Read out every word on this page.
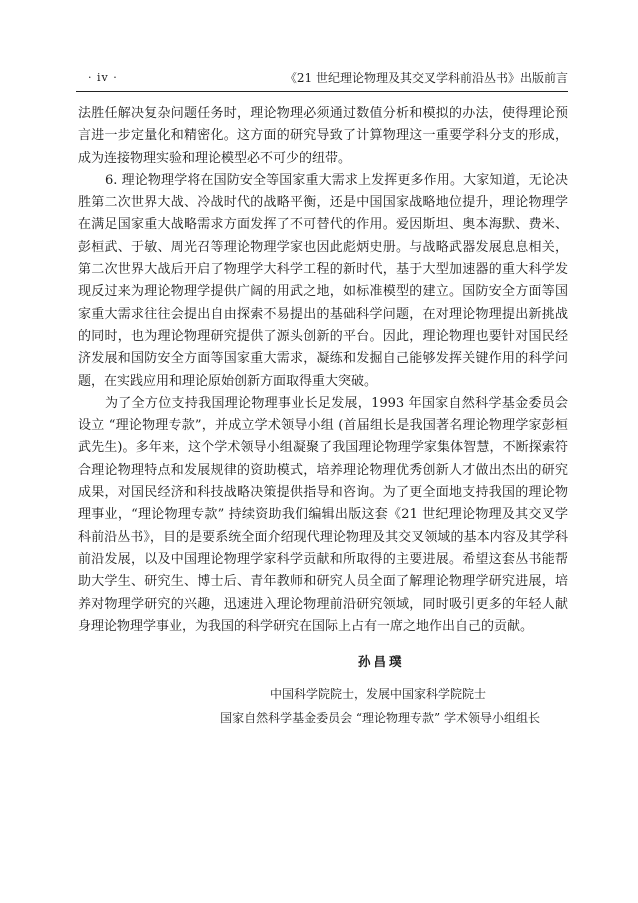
· iv ·	《21 世纪理论物理及其交叉学科前沿丛书》出版前言

法胜任解决复杂问题任务时，理论物理必须通过数值分析和模拟的办法，使得理论预言进一步定量化和精密化。这方面的研究导致了计算物理这一重要学科分支的形成，成为连接物理实验和理论模型必不可少的纽带。

6. 理论物理学将在国防安全等国家重大需求上发挥更多作用。大家知道，无论决胜第二次世界大战、冷战时代的战略平衡，还是中国国家战略地位提升，理论物理学在满足国家重大战略需求方面发挥了不可替代的作用。爱因斯坦、奥本海默、费米、彭桓武、于敏、周光召等理论物理学家也因此彪炳史册。与战略武器发展息息相关，第二次世界大战后开启了物理学大科学工程的新时代，基于大型加速器的重大科学发现反过来为理论物理学提供广阔的用武之地，如标准模型的建立。国防安全方面等国家重大需求往往会提出自由探索不易提出的基础科学问题，在对理论物理提出新挑战的同时，也为理论物理研究提供了源头创新的平台。因此，理论物理也要针对国民经济发展和国防安全方面等国家重大需求，凝练和发掘自己能够发挥关键作用的科学问题，在实践应用和理论原始创新方面取得重大突破。

为了全方位支持我国理论物理事业长足发展，1993 年国家自然科学基金委员会设立 “理论物理专款”，并成立学术领导小组 (首届组长是我国著名理论物理学家彭桓武先生)。多年来，这个学术领导小组凝聚了我国理论物理学家集体智慧，不断探索符合理论物理特点和发展规律的资助模式，培养理论物理优秀创新人才做出杰出的研究成果，对国民经济和科技战略决策提供指导和咨询。为了更全面地支持我国的理论物理事业，“理论物理专款” 持续资助我们编辑出版这套《21 世纪理论物理及其交叉学科前沿丛书》，目的是要系统全面介绍现代理论物理及其交叉领域的基本内容及其学科前沿发展，以及中国理论物理学家科学贡献和所取得的主要进展。希望这套丛书能帮助大学生、研究生、博士后、青年教师和研究人员全面了解理论物理学研究进展，培养对物理学研究的兴趣，迅速进入理论物理前沿研究领域，同时吸引更多的年轻人献身理论物理学事业，为我国的科学研究在国际上占有一席之地作出自己的贡献。

孙昌璞
中国科学院院士，发展中国家科学院院士
国家自然科学基金委员会 “理论物理专款” 学术领导小组组长
